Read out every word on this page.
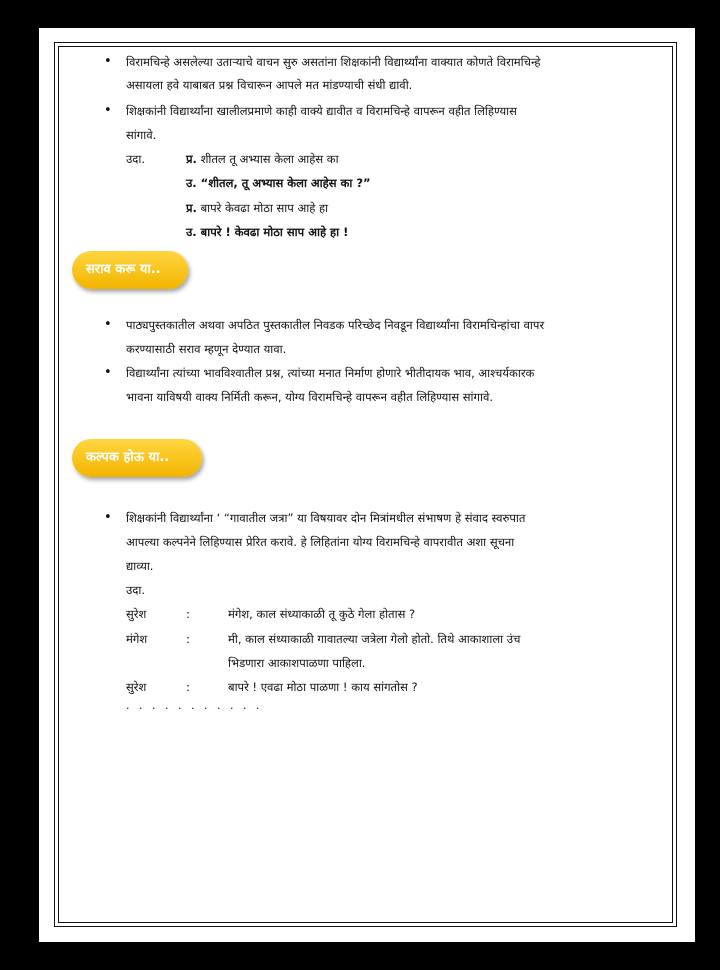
• विरामचिन्हे असलेल्या उताऱ्याचे वाचन सुरु असतांना शिक्षकांनी विद्यार्थ्यांना वाक्यात कोणते विरामचिन्हे
असायला हवे याबाबत प्रश्न विचारून आपले मत मांडण्याची संधी द्यावी.
• शिक्षकांनी विद्यार्थ्यांना खालीलप्रमाणे काही वाक्ये द्यावीत व विरामचिन्हे वापरून वहीत लिहिण्यास
सांगावे.
उदा.	प्र. शीतल तू अभ्यास केला आहेस का
उ. “शीतल, तू अभ्यास केला आहेस का ?”
प्र. बापरे केवढा मोठा साप आहे हा
उ. बापरे ! केवढा मोठा साप आहे हा !
सराव करू या..
• पाठ्यपुस्तकातील अथवा अपठित पुस्तकातील निवडक परिच्छेद निवडून विद्यार्थ्यांना विरामचिन्हांचा वापर
करण्यासाठी सराव म्हणून देण्यात यावा.
• विद्यार्थ्यांना त्यांच्या भावविश्वातील प्रश्न, त्यांच्या मनात निर्माण होणारे भीतीदायक भाव, आश्चर्यकारक
भावना याविषयी वाक्य निर्मिती करून, योग्य विरामचिन्हे वापरून वहीत लिहिण्यास सांगावे.
कल्पक होऊ या..
• शिक्षकांनी विद्यार्थ्यांना ‘ “गावातील जत्रा” या विषयावर दोन मित्रांमधील संभाषण हे संवाद स्वरुपात
आपल्या कल्पनेने लिहिण्यास प्रेरित करावे. हे लिहितांना योग्य विरामचिन्हे वापरावीत अशा सूचना
द्याव्या.
उदा.
सुरेश	:	मंगेश, काल संध्याकाळी तू कुठे गेला होतास ?
मंगेश	:	मी, काल संध्याकाळी गावातल्या जत्रेला गेलो होतो. तिथे आकाशाला उंच
भिडणारा आकाशपाळणा पाहिला.
सुरेश	:	बापरे ! एवढा मोठा पाळणा ! काय सांगतोस ?
. . . . . . . . . . .
